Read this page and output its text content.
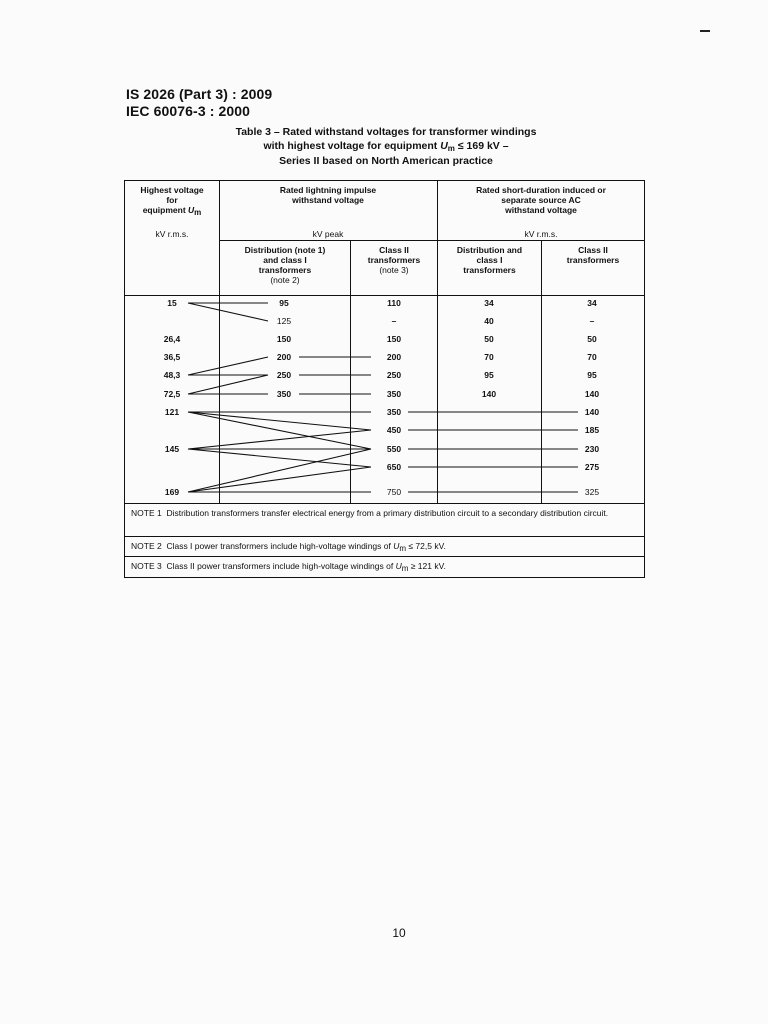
IS 2026 (Part 3) : 2009
IEC 60076-3 : 2000
Table 3 – Rated withstand voltages for transformer windings
with highest voltage for equipment $U_m \le 169$ kV –
Series II based on North American practice
Highest voltage
for
equipment Um
kV r.m.s.
Rated lightning impulse
withstand voltage
kV peak
Rated short-duration induced or
separate source AC
withstand voltage
kV r.m.s.
Distribution (note 1)
and class I
transformers
(note 2)
Class II
transformers
(note 3)
Distribution and
class I
transformers
Class II
transformers
15
26,4
36,5
48,3
72,5
121
145
169
95
125
150
200
250
350
110
–
150
200
250
350
350
450
550
650
750
34
40
50
70
95
140
34
–
50
70
95
140
140
185
230
275
325
NOTE 1 Distribution transformers transfer electrical energy from a primary distribution circuit to a secondary distribution circuit.
NOTE 2 Class I power transformers include high-voltage windings of Um ≤ 72,5 kV.
NOTE 3 Class II power transformers include high-voltage windings of Um ≥ 121 kV.
10
